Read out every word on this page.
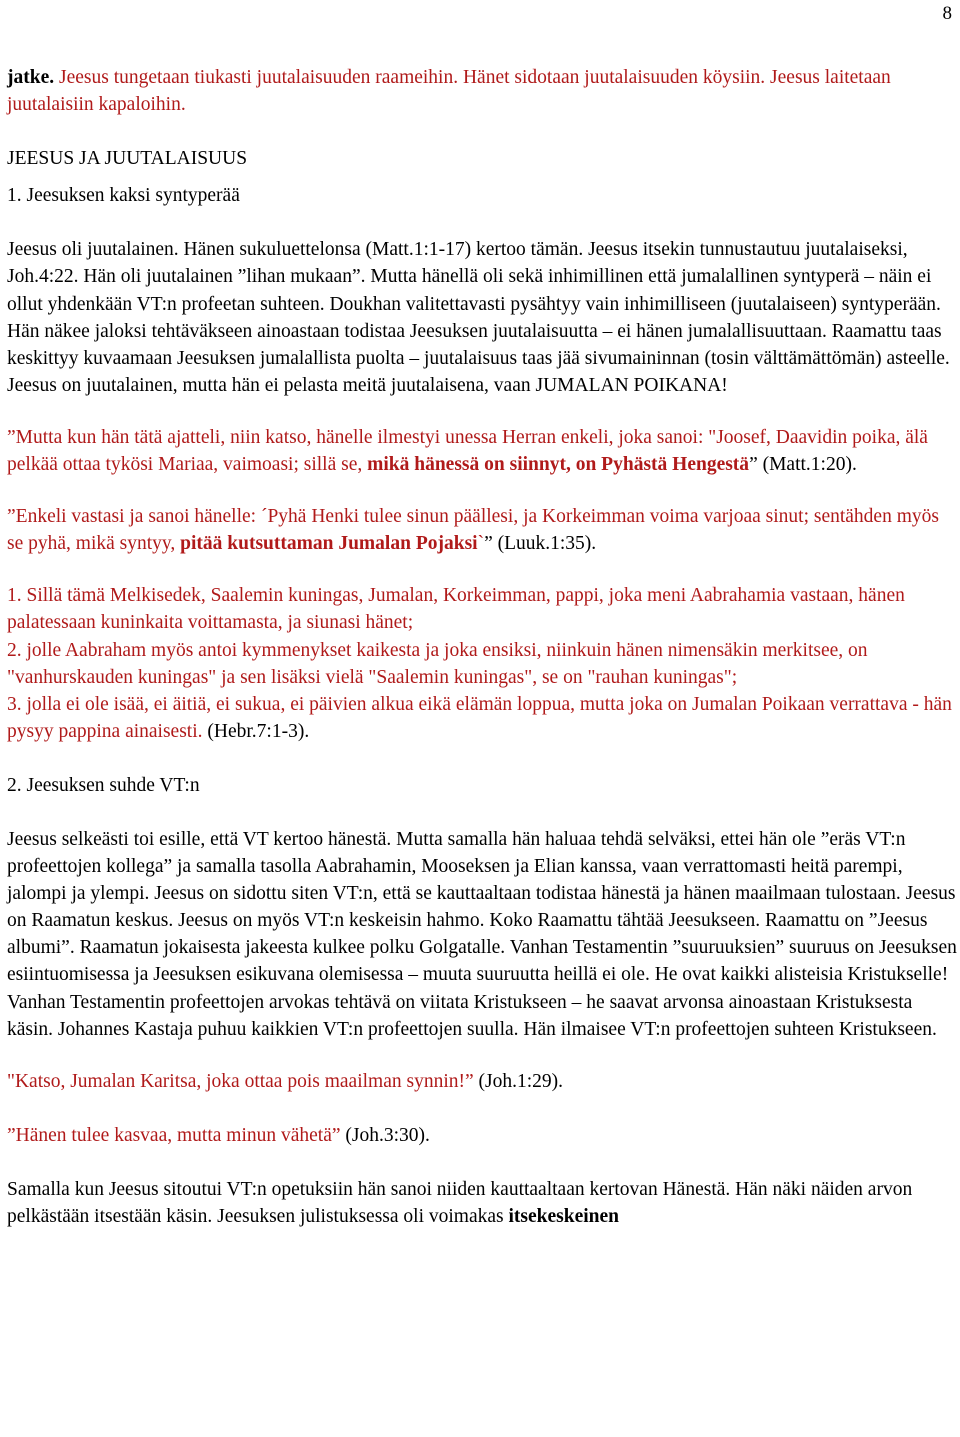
8

jatke. Jeesus tungetaan tiukasti juutalaisuuden raameihin. Hänet sidotaan juutalaisuuden köysiin. Jeesus laitetaan juutalaisiin kapaloihin.

JEESUS JA JUUTALAISUUS

1. Jeesuksen kaksi syntyperää

Jeesus oli juutalainen. Hänen sukuluettelonsa (Matt.1:1-17) kertoo tämän. Jeesus itsekin tunnustautuu juutalaiseksi, Joh.4:22. Hän oli juutalainen ”lihan mukaan”. Mutta hänellä oli sekä inhimillinen että jumalallinen syntyperä – näin ei ollut yhdenkään VT:n profeetan suhteen. Doukhan valitettavasti pysähtyy vain inhimilliseen (juutalaiseen) syntyperään. Hän näkee jaloksi tehtäväkseen ainoastaan todistaa Jeesuksen juutalaisuutta – ei hänen jumalallisuuttaan. Raamattu taas keskittyy kuvaamaan Jeesuksen jumalallista puolta – juutalaisuus taas jää sivumaininnan (tosin välttämättömän) asteelle. Jeesus on juutalainen, mutta hän ei pelasta meitä juutalaisena, vaan JUMALAN POIKANA!

”Mutta kun hän tätä ajatteli, niin katso, hänelle ilmestyi unessa Herran enkeli, joka sanoi: "Joosef, Daavidin poika, älä pelkää ottaa tykösi Mariaa, vaimoasi; sillä se, mikä hänessä on siinnyt, on Pyhästä Hengestä” (Matt.1:20).

”Enkeli vastasi ja sanoi hänelle: ´Pyhä Henki tulee sinun päällesi, ja Korkeimman voima varjoaa sinut; sentähden myös se pyhä, mikä syntyy, pitää kutsuttaman Jumalan Pojaksi`” (Luuk.1:35).

1. Sillä tämä Melkisedek, Saalemin kuningas, Jumalan, Korkeimman, pappi, joka meni Aabrahamia vastaan, hänen palatessaan kuninkaita voittamasta, ja siunasi hänet;

2. jolle Aabraham myös antoi kymmenykset kaikesta ja joka ensiksi, niinkuin hänen nimensäkin merkitsee, on "vanhurskauden kuningas" ja sen lisäksi vielä "Saalemin kuningas", se on "rauhan kuningas";

3. jolla ei ole isää, ei äitiä, ei sukua, ei päivien alkua eikä elämän loppua, mutta joka on Jumalan Poikaan verrattava - hän pysyy pappina ainaisesti. (Hebr.7:1-3).

2. Jeesuksen suhde VT:n

Jeesus selkeästi toi esille, että VT kertoo hänestä. Mutta samalla hän haluaa tehdä selväksi, ettei hän ole ”eräs VT:n profeettojen kollega” ja samalla tasolla Aabrahamin, Mooseksen ja Elian kanssa, vaan verrattomasti heitä parempi, jalompi ja ylempi. Jeesus on sidottu siten VT:n, että se kauttaaltaan todistaa hänestä ja hänen maailmaan tulostaan. Jeesus on Raamatun keskus. Jeesus on myös VT:n keskeisin hahmo. Koko Raamattu tähtää Jeesukseen. Raamattu on ”Jeesus albumi”. Raamatun jokaisesta jakeesta kulkee polku Golgatalle. Vanhan Testamentin ”suuruuksien” suuruus on Jeesuksen esiintuomisessa ja Jeesuksen esikuvana olemisessa – muuta suuruutta heillä ei ole. He ovat kaikki alisteisia Kristukselle! Vanhan Testamentin profeettojen arvokas tehtävä on viitata Kristukseen – he saavat arvonsa ainoastaan Kristuksesta käsin. Johannes Kastaja puhuu kaikkien VT:n profeettojen suulla. Hän ilmaisee VT:n profeettojen suhteen Kristukseen.

"Katso, Jumalan Karitsa, joka ottaa pois maailman synnin!” (Joh.1:29).

”Hänen tulee kasvaa, mutta minun vähetä” (Joh.3:30).

Samalla kun Jeesus sitoutui VT:n opetuksiin hän sanoi niiden kauttaaltaan kertovan Hänestä. Hän näki näiden arvon pelkästään itsestään käsin. Jeesuksen julistuksessa oli voimakas itsekeskeinen
